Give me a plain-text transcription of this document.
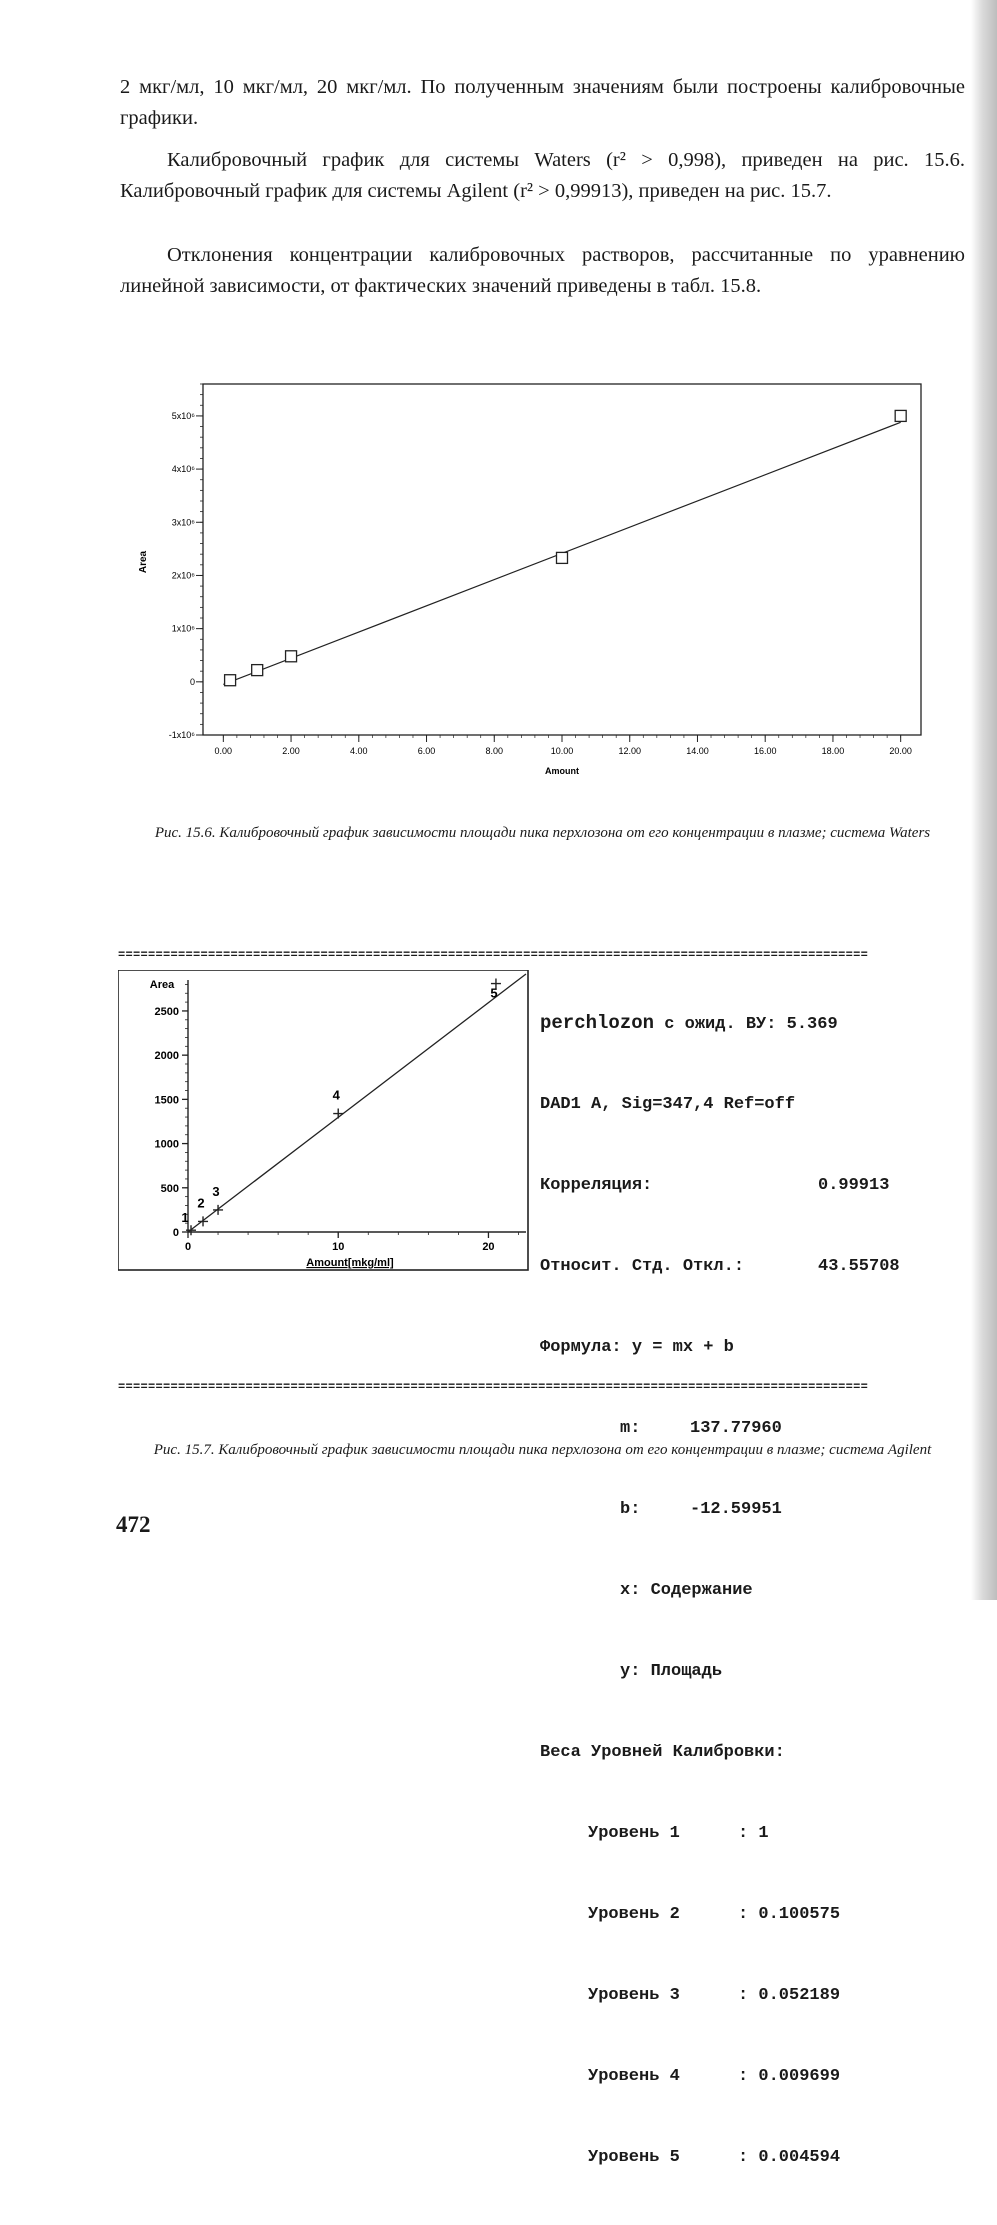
2 мкг/мл, 10 мкг/мл, 20 мкг/мл. По полученным значениям были построены калибровочные графики.

Калибровочный график для системы Waters (r² > 0,998), приведен на рис. 15.6. Калибровочный график для системы Agilent (r² > 0,99913), приведен на рис. 15.7.

Отклонения концентрации калибровочных растворов, рассчитанные по уравнению линейной зависимости, от фактических значений приведены в табл. 15.8.

-1x10⁶
0
1x10⁶
2x10⁶
3x10⁶
4x10⁶
5x10⁶
0.00	2.00	4.00	6.00	8.00	10.00	12.00	14.00	16.00	18.00	20.00
Area
Amount

Рис. 15.6. Калибровочный график зависимости площади пика перхлозона от его концентрации в плазме; система Waters

====================================================================================================
0
500
1000
1500
2000
2500
0	10	20
1
2
3
4
5
Area
Amount[mkg/ml]

perchlozon с ожид. ВУ: 5.369

DAD1 A, Sig=347,4 Ref=off

Корреляция:	0.99913

Относит. Стд. Откл.:	43.55708

Формула: y = mx + b

m:	137.77960

b:	-12.59951

x: Содержание

y: Площадь

Веса Уровней Калибровки:

Уровень 1	: 1

Уровень 2	: 0.100575

Уровень 3	: 0.052189

Уровень 4	: 0.009699

Уровень 5	: 0.004594

====================================================================================================

Рис. 15.7. Калибровочный график зависимости площади пика перхлозона от его концентрации в плазме; система Agilent

472
